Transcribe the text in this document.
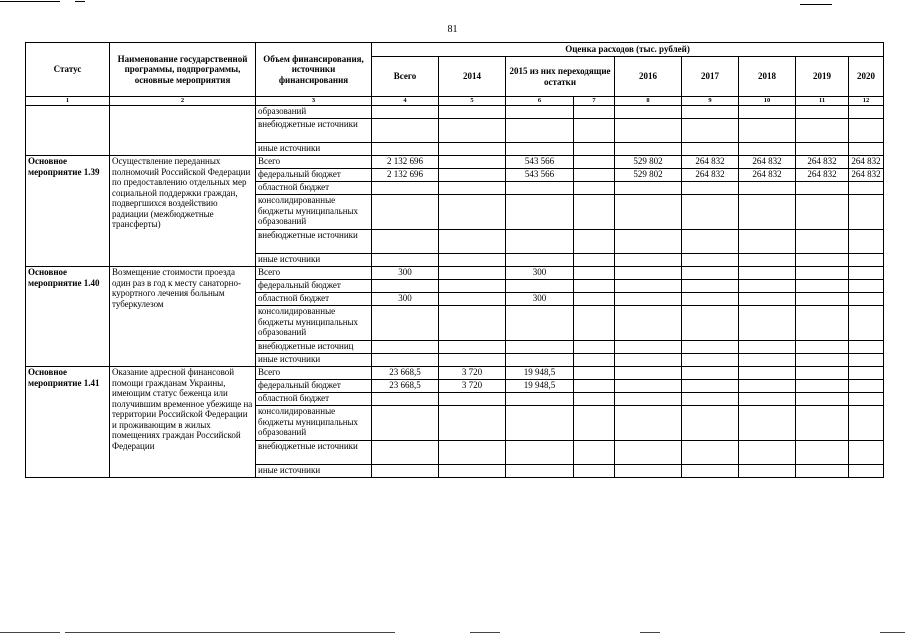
81
Статус	Наименование государственной программы, подпрограммы, основные мероприятия	Объем финансирования, источники финансирования	Оценка расходов (тыс. рублей)								
			Всего	2014	2015 из них переходящие остатки		2016	2017	2018	2019	2020
1	2	3	4	5	6	7	8	9	10	11	12
		образований									
		внебюджетные источники									
		иные источники									
Основное мероприятие 1.39	Осуществление переданных полномочий Российской Федерации по предоставлению отдельных мер социальной поддержки граждан, подвергшихся воздействию радиации (межбюджетные трансферты)	Всего	2 132 696		543 566		529 802	264 832	264 832	264 832	264 832
		федеральный бюджет	2 132 696		543 566		529 802	264 832	264 832	264 832	264 832
		областной бюджет									
		консолидированные бюджеты муниципальных образований									
		внебюджетные источники									
		иные источники									
Основное мероприятие 1.40	Возмещение стоимости проезда один раз в год к месту санаторно-курортного лечения больным туберкулезом	Всего	300		300						
		федеральный бюджет									
		областной бюджет	300		300						
		консолидированные бюджеты муниципальных образований									
		внебюджетные источниц									
		иные источники									
Основное мероприятие 1.41	Оказание адресной финансовой помощи гражданам Украины, имеющим статус беженца или получившим временное убежище на территории Российской Федерации и проживающим в жилых помещениях граждан Российской Федерации	Всего	23 668,5	3 720	19 948,5						
		федеральный бюджет	23 668,5	3 720	19 948,5						
		областной бюджет									
		консолидированные бюджеты муниципальных образований									
		внебюджетные источники									
		иные источники									
